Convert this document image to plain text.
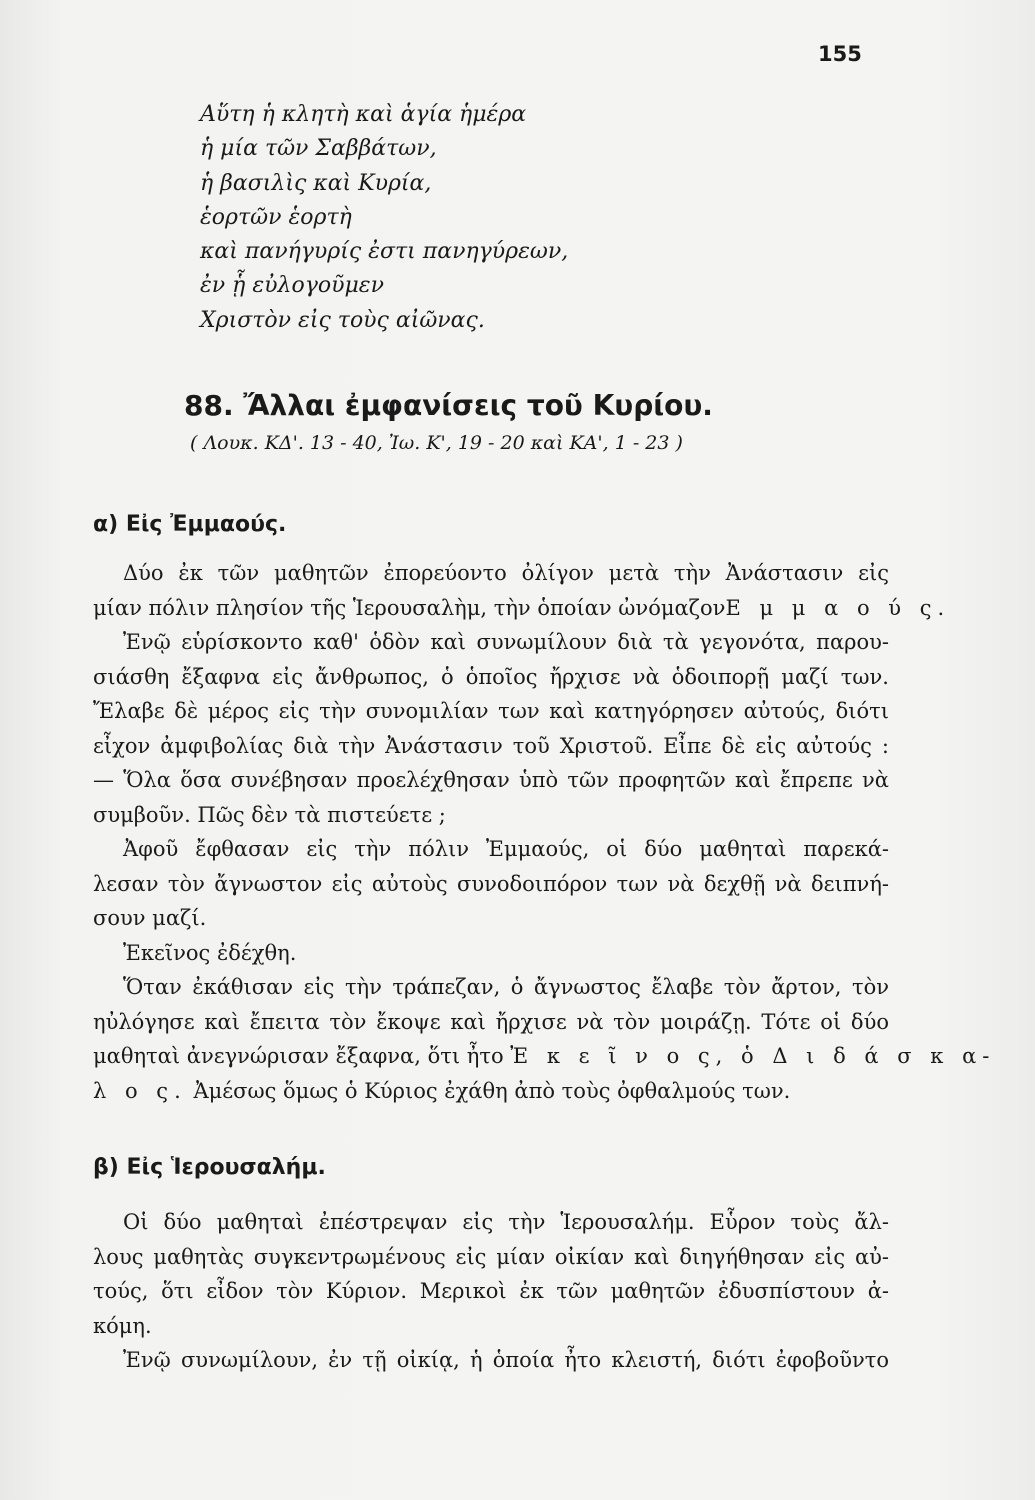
155
Αὕτη ἡ κλητὴ καὶ ἁγία ἡμέρα
ἡ μία τῶν Σαββάτων,
ἡ βασιλὶς καὶ Κυρία,
ἑορτῶν ἑορτὴ
καὶ πανήγυρίς ἐστι πανηγύρεων,
ἐν ᾗ εὐλογοῦμεν
Χριστὸν εἰς τοὺς αἰῶνας.
88. Ἄλλαι ἐμφανίσεις τοῦ Κυρίου.
( Λουκ. ΚΔ'. 13 - 40, Ἰω. Κ', 19 - 20 καὶ ΚΑ', 1 - 23 )
α) Εἰς Ἐμμαούς.
Δύο ἐκ τῶν μαθητῶν ἐπορεύοντο ὀλίγον μετὰ τὴν Ἀνάστασιν εἰς
μίαν πόλιν πλησίον τῆς Ἱερουσαλὴμ, τὴν ὁποίαν ὠνόμαζονΕ μ μ α ο ύ ς.
Ἐνῷ εὑρίσκοντο καθ' ὁδὸν καὶ συνωμίλουν διὰ τὰ γεγονότα, παρου-
σιάσθη ἔξαφνα εἰς ἄνθρωπος, ὁ ὁποῖος ἤρχισε νὰ ὁδοιπορῇ μαζί των.
Ἔλαβε δὲ μέρος εἰς τὴν συνομιλίαν των καὶ κατηγόρησεν αὐτούς, διότι
εἶχον ἀμφιβολίας διὰ τὴν Ἀνάστασιν τοῦ Χριστοῦ. Εἶπε δὲ εἰς αὐτούς :
— Ὅλα ὅσα συνέβησαν προελέχθησαν ὑπὸ τῶν προφητῶν καὶ ἔπρεπε νὰ
συμβοῦν. Πῶς δὲν τὰ πιστεύετε ;
Ἀφοῦ ἔφθασαν εἰς τὴν πόλιν Ἐμμαούς, οἱ δύο μαθηταὶ παρεκά-
λεσαν τὸν ἄγνωστον εἰς αὐτοὺς συνοδοιπόρον των νὰ δεχθῇ νὰ δειπνή-
σουν μαζί.
Ἐκεῖνος ἐδέχθη.
Ὅταν ἐκάθισαν εἰς τὴν τράπεζαν, ὁ ἄγνωστος ἔλαβε τὸν ἄρτον, τὸν
ηὐλόγησε καὶ ἔπειτα τὸν ἔκοψε καὶ ἤρχισε νὰ τὸν μοιράζῃ. Τότε οἱ δύο
μαθηταὶ ἀνεγνώρισαν ἔξαφνα, ὅτι ἦτο Ἐ κ ε ῖ ν ο ς, ὁ Δ ι δ ά σ κ α-
λ ο ς. Ἀμέσως ὅμως ὁ Κύριος ἐχάθη ἀπὸ τοὺς ὀφθαλμούς των.
β) Εἰς Ἱερουσαλήμ.
Οἱ δύο μαθηταὶ ἐπέστρεψαν εἰς τὴν Ἱερουσαλήμ. Εὗρον τοὺς ἄλ-
λους μαθητὰς συγκεντρωμένους εἰς μίαν οἰκίαν καὶ διηγήθησαν εἰς αὐ-
τούς, ὅτι εἶδον τὸν Κύριον. Μερικοὶ ἐκ τῶν μαθητῶν ἐδυσπίστουν ἀ-
κόμη.
Ἐνῷ συνωμίλουν, ἐν τῇ οἰκίᾳ, ἡ ὁποία ἦτο κλειστή, διότι ἐφοβοῦντο
